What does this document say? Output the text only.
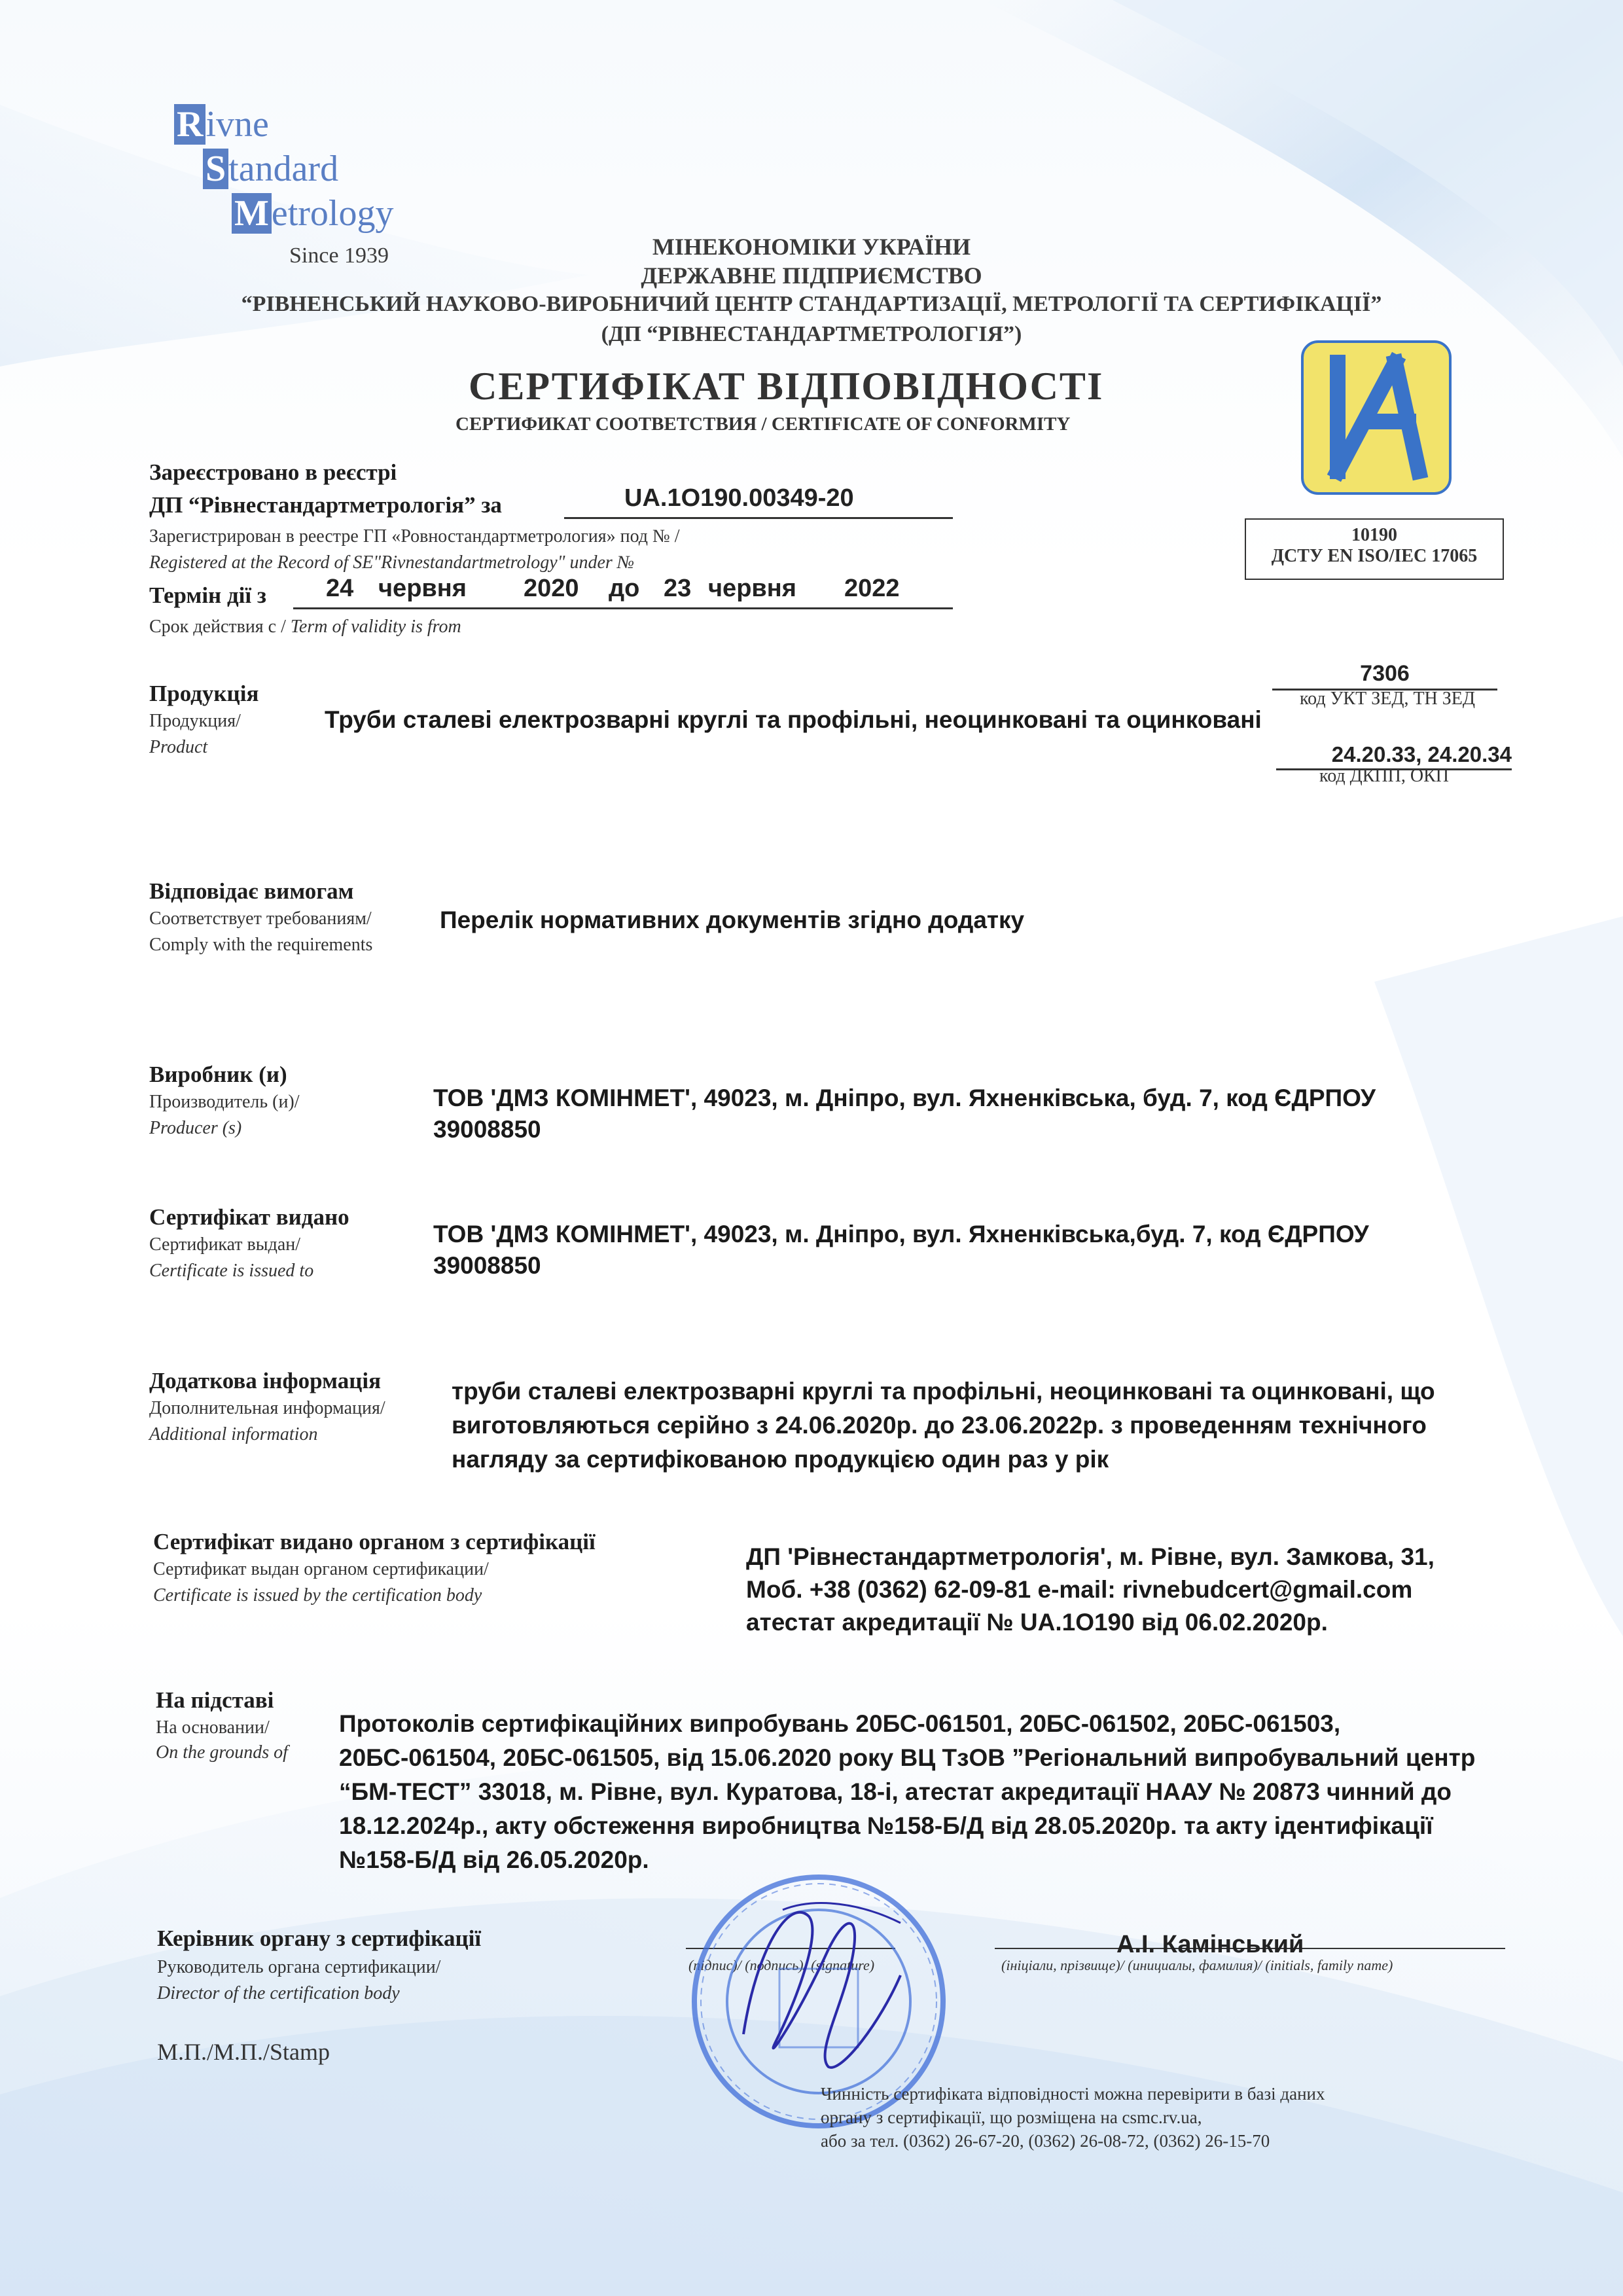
Rivne
Standard
Metrology
Since 1939	МІНЕКОНОМІКИ УКРАЇНИ
ДЕРЖАВНЕ ПІДПРИЄМСТВО
“РІВНЕНСЬКИЙ НАУКОВО-ВИРОБНИЧИЙ ЦЕНТР СТАНДАРТИЗАЦІЇ, МЕТРОЛОГІЇ ТА СЕРТИФІКАЦІЇ”
(ДП “РІВНЕСТАНДАРТМЕТРОЛОГІЯ”)
СЕРТИФІКАТ ВІДПОВІДНОСТІ
СЕРТИФИКАТ СООТВЕТСТВИЯ / CERTIFICATE OF CONFORMITY
10190
ДСТУ EN ISO/IEC 17065
Зареєстровано в реєстрі
ДП “Рівнестандартметрологія” за	UA.1O190.00349-20
Зарегистрирован в реестре ГП «Ровностандартметрология» под № /
Registered at the Record of SE"Rivnestandartmetrology" under №
Термін дії з 24 червня 2020 до 23 червня 2022
Срок действия с / Term of validity is from
7306
код УКТ ЗЕД, ТН ЗЕД
24.20.33, 24.20.34
код ДКПП, ОКП
Продукція
Продукция/
Product
Труби сталеві електрозварні круглі та профільні, неоцинковані та оцинковані
Відповідає вимогам
Соответствует требованиям/
Comply with the requirements
Перелік нормативних документів згідно додатку
Виробник (и)
Производитель (и)/
Producer (s)
ТОВ 'ДМЗ КОМІНМЕТ', 49023, м. Дніпро, вул. Яхненківська, буд. 7, код ЄДРПОУ 39008850
Сертифікат видано
Сертификат выдан/
Certificate is issued to
ТОВ 'ДМЗ КОМІНМЕТ', 49023, м. Дніпро, вул. Яхненківська,буд. 7, код ЄДРПОУ 39008850
Додаткова інформація
Дополнительная информация/
Additional information
труби сталеві електрозварні круглі та профільні, неоцинковані та оцинковані, що виготовляються серійно з 24.06.2020р. до 23.06.2022р. з проведенням технічного нагляду за сертифікованою продукцією один раз у рік
Сертифікат видано органом з сертифікації
Сертификат выдан органом сертификации/
Certificate is issued by the certification body
ДП 'Рівнестандартметрологія', м. Рівне, вул. Замкова, 31, Моб. +38 (0362) 62-09-81 e-mail: rivnebudcert@gmail.com атестат акредитації № UA.1O190 від 06.02.2020р.
На підставі
На основании/
On the grounds of
Протоколів сертифікаційних випробувань 20БС-061501, 20БС-061502, 20БС-061503, 20БС-061504, 20БС-061505, від 15.06.2020 року ВЦ ТзОВ ”Регіональний випробувальний центр “БМ-ТЕСТ” 33018, м. Рівне, вул. Куратова, 18-і, атестат акредитації НААУ № 20873 чинний до 18.12.2024р., акту обстеження виробництва №158-Б/Д від 28.05.2020р. та акту ідентифікації №158-Б/Д від 26.05.2020р.
Керівник органу з сертифікації
Руководитель органа сертификации/
Director of the certification body
(підпис)/ (подпись)/ (signature)
А.І. Камінський
(ініціали, прізвище)/ (инициалы, фамилия)/ (initials, family name)
М.П./М.П./Stamp
Чинність сертифіката відповідності можна перевірити в базі даних
органу з сертифікації, що розміщена на csmc.rv.ua,
або за тел. (0362) 26-67-20, (0362) 26-08-72, (0362) 26-15-70
